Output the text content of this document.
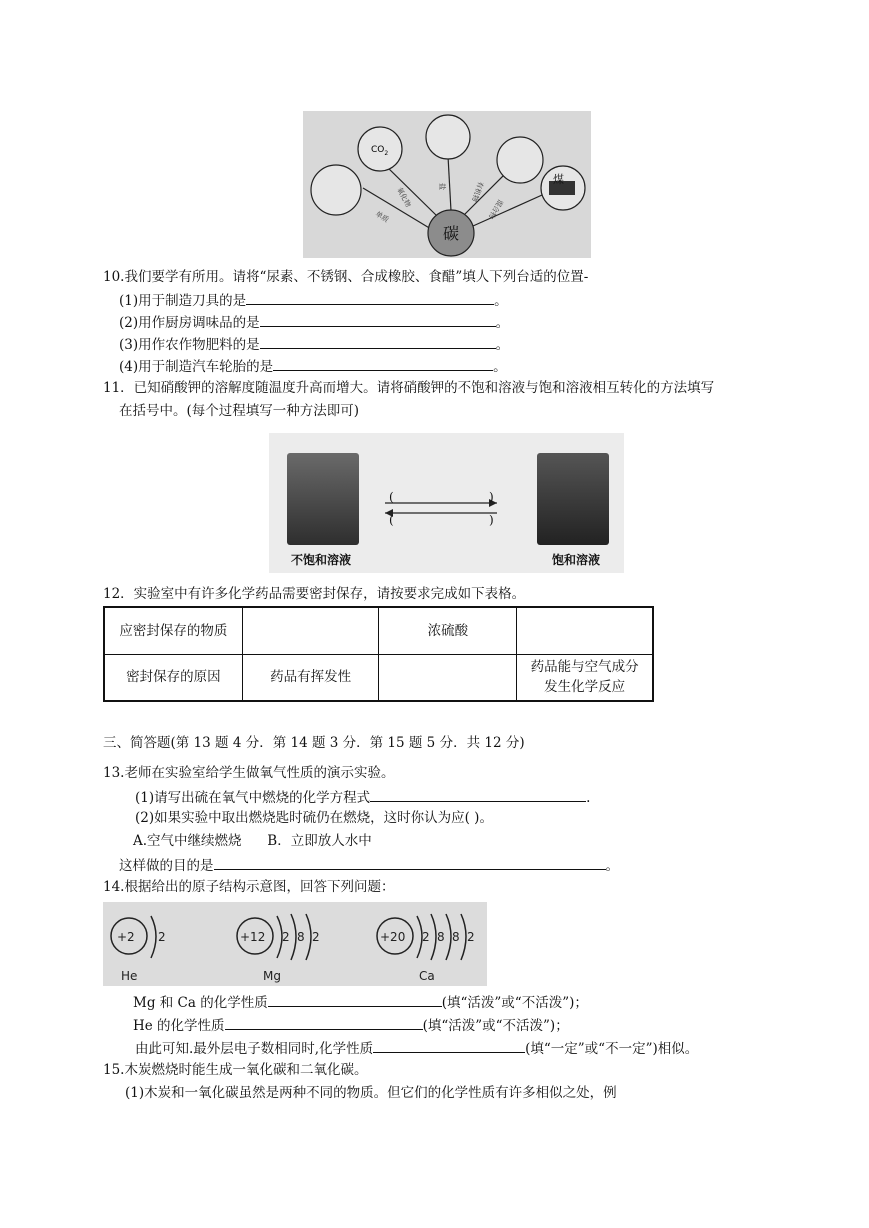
$CO_2$
碳
煤
单质
氧化物	盐	有机物
混合物
10.我们要学有所用。请将“尿素、不锈钢、合成橡胶、食醋”填人下列台适的位置-
(1)用于制造刀具的是	。
(2)用作厨房调味品的是	。
(3)用作农作物肥料的是	。
(4)用于制造汽车轮胎的是	。
11．已知硝酸钾的溶解度随温度升高而增大。请将硝酸钾的不饱和溶液与饱和溶液相互转化的方法填写
在括号中。(每个过程填写一种方法即可)
(	)
(	)
不饱和溶液	饱和溶液
12．实验室中有许多化学药品需要密封保存，请按要求完成如下表格。
应密封保存的物质		浓硫酸	
密封保存的原因	药品有挥发性		药品能与空气成分
发生化学反应
三、简答题(第 13 题 4 分．第 14 题 3 分．第 15 题 5 分．共 12 分)
13.老师在实验室给学生做氧气性质的演示实验。
(1)请写出硫在氧气中燃烧的化学方程式	.
(2)如果实验中取出燃烧匙时硫仍在燃烧，这时你认为应( )。
A.空气中继续燃烧      B．立即放人水中
这样做的目的是	。
14.根据给出的原子结构示意图，回答下列问题：
+2 2
He
+12 2 8 2
Mg
+20 2 8 8 2
Ca
Mg 和 Ca 的化学性质	(填“活泼”或“不活泼”)；
He 的化学性质	(填“活泼”或“不活泼”)；
由此可知.最外层电子数相同时,化学性质	(填“一定”或“不一定”)相似。
15.木炭燃烧时能生成一氧化碳和二氧化碳。
(1)木炭和一氧化碳虽然是两种不同的物质。但它们的化学性质有许多相似之处，例
